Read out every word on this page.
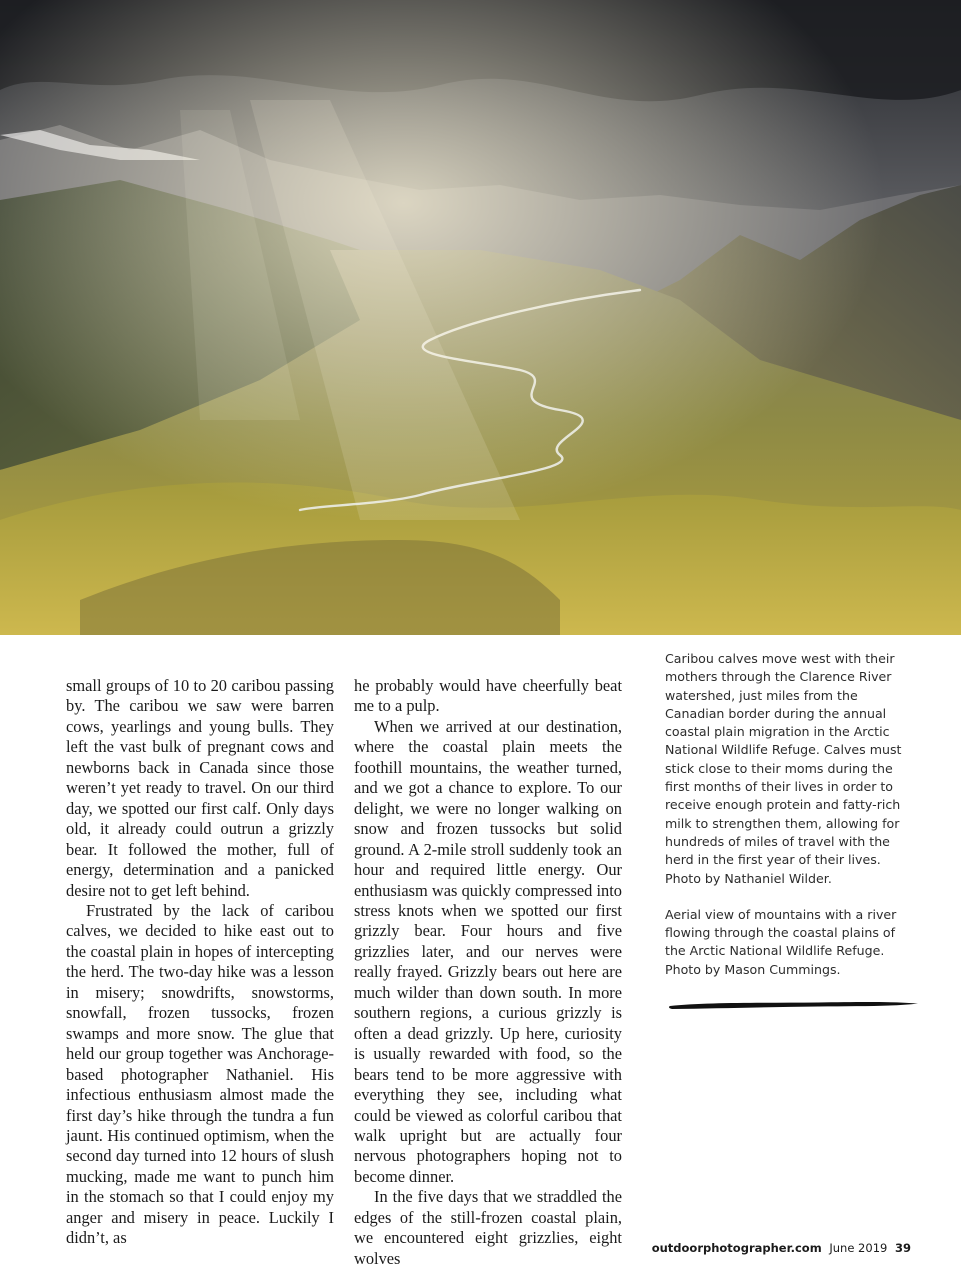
small groups of 10 to 20 caribou passing by. The caribou we saw were barren cows, yearlings and young bulls. They left the vast bulk of pregnant cows and newborns back in Canada since those weren’t yet ready to travel. On our third day, we spotted our first calf. Only days old, it already could outrun a grizzly bear. It followed the mother, full of energy, determination and a panicked desire not to get left behind.

Frustrated by the lack of caribou calves, we decided to hike east out to the coastal plain in hopes of intercepting the herd. The two-day hike was a lesson in misery; snowdrifts, snowstorms, snowfall, frozen tussocks, frozen swamps and more snow. The glue that held our group together was Anchorage-based photographer Nathaniel. His infectious enthusiasm almost made the first day’s hike through the tundra a fun jaunt. His continued optimism, when the second day turned into 12 hours of slush mucking, made me want to punch him in the stomach so that I could enjoy my anger and misery in peace. Luckily I didn’t, as

he probably would have cheerfully beat me to a pulp.

When we arrived at our destination, where the coastal plain meets the foothill mountains, the weather turned, and we got a chance to explore. To our delight, we were no longer walking on snow and frozen tussocks but solid ground. A 2-mile stroll suddenly took an hour and required little energy. Our enthusiasm was quickly compressed into stress knots when we spotted our first grizzly bear. Four hours and five grizzlies later, and our nerves were really frayed. Grizzly bears out here are much wilder than down south. In more southern regions, a curious grizzly is often a dead grizzly. Up here, curiosity is usually rewarded with food, so the bears tend to be more aggressive with everything they see, including what could be viewed as colorful caribou that walk upright but are actually four nervous photographers hoping not to become dinner.

In the five days that we straddled the edges of the still-frozen coastal plain, we encountered eight grizzlies, eight wolves

Caribou calves move west with their mothers through the Clarence River watershed, just miles from the Canadian border during the annual coastal plain migration in the Arctic National Wildlife Refuge. Calves must stick close to their moms during the first months of their lives in order to receive enough protein and fatty-rich milk to strengthen them, allowing for hundreds of miles of travel with the herd in the first year of their lives. Photo by Nathaniel Wilder.

Aerial view of mountains with a river flowing through the coastal plains of the Arctic National Wildlife Refuge. Photo by Mason Cummings.

outdoorphotographer.com June 2019 39
